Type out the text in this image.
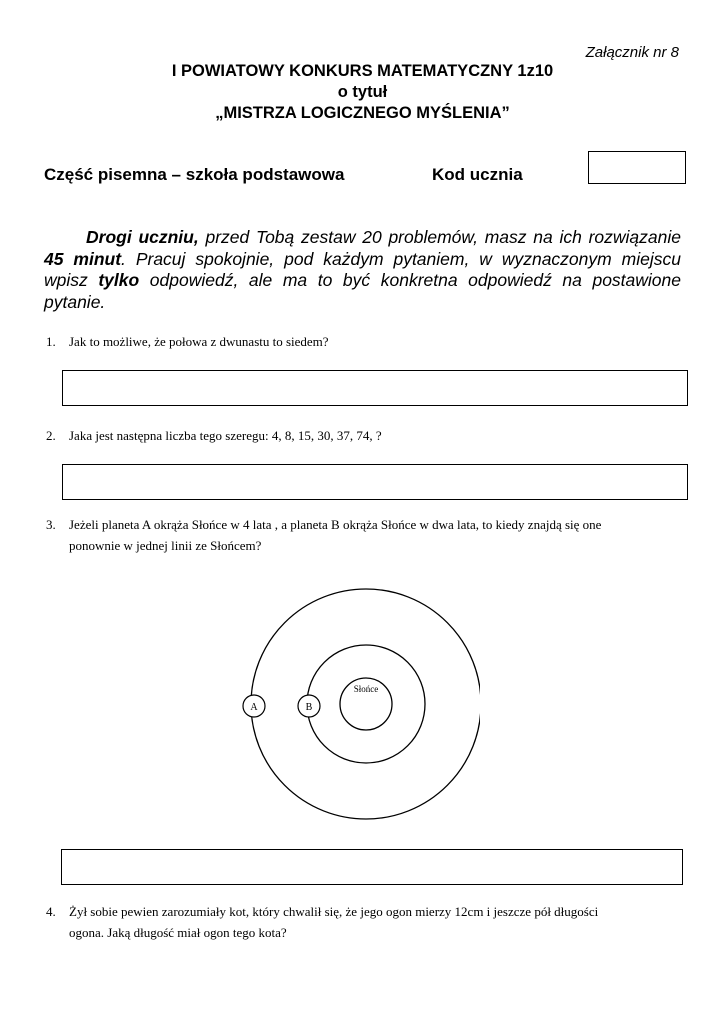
Załącznik nr 8
I POWIATOWY KONKURS MATEMATYCZNY 1z10
o tytuł
„MISTRZA LOGICZNEGO MYŚLENIA”
Część pisemna – szkoła podstawowa	Kod ucznia
Drogi uczniu, przed Tobą zestaw 20 problemów, masz na ich rozwiązanie 45 minut. Pracuj spokojnie, pod każdym pytaniem, w wyznaczonym miejscu wpisz tylko odpowiedź, ale ma to być konkretna odpowiedź na postawione pytanie.
1. Jak to możliwe, że połowa z dwunastu to siedem?
2. Jaka jest następna liczba tego szeregu: 4, 8, 15, 30, 37, 74, ?
3. Jeżeli planeta A okrąża Słońce w 4 lata , a planeta B okrąża Słońce w dwa lata, to kiedy znajdą się one
ponownie w jednej linii ze Słońcem?
Słońce
A	B
4. Żył sobie pewien zarozumiały kot, który chwalił się, że jego ogon mierzy 12cm i jeszcze pół długości
ogona. Jaką długość miał ogon tego kota?
